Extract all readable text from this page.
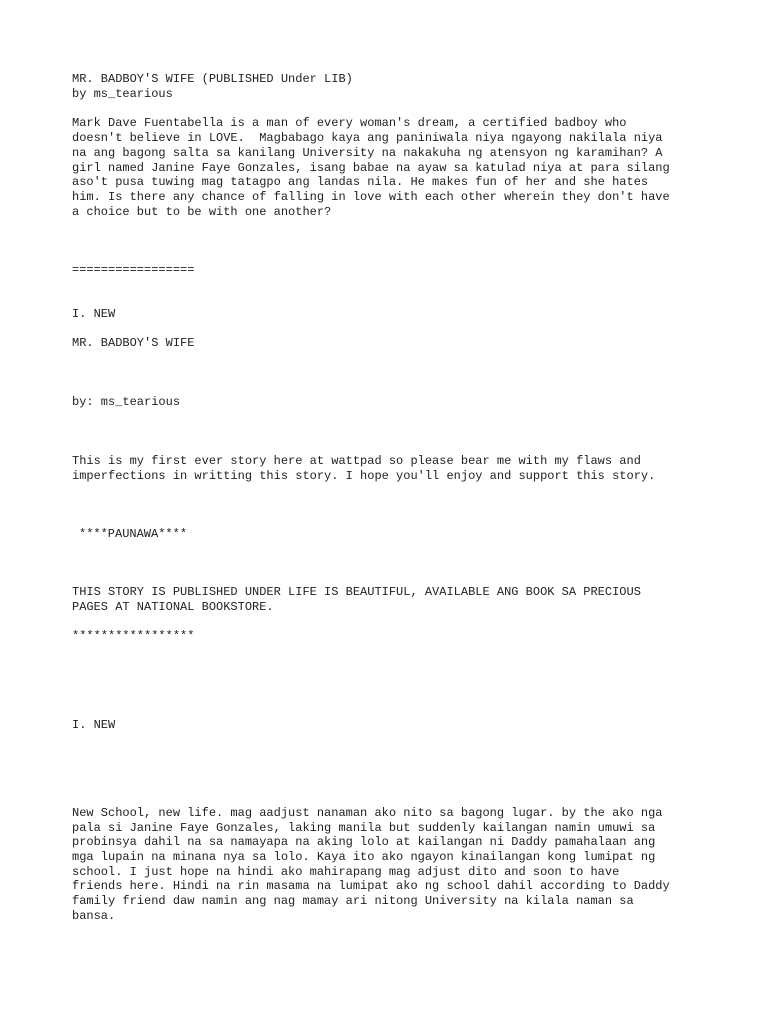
MR. BADBOY'S WIFE (PUBLISHED Under LIB)

by ms_tearious

Mark Dave Fuentabella is a man of every woman's dream, a certified badboy who

doesn't believe in LOVE.  Magbabago kaya ang paniniwala niya ngayong nakilala niya

na ang bagong salta sa kanilang University na nakakuha ng atensyon ng karamihan? A

girl named Janine Faye Gonzales, isang babae na ayaw sa katulad niya at para silang

aso't pusa tuwing mag tatagpo ang landas nila. He makes fun of her and she hates

him. Is there any chance of falling in love with each other wherein they don't have

a choice but to be with one another?

=================

I. NEW

MR. BADBOY'S WIFE

by: ms_tearious

This is my first ever story here at wattpad so please bear me with my flaws and

imperfections in writting this story. I hope you'll enjoy and support this story.

****PAUNAWA****

THIS STORY IS PUBLISHED UNDER LIFE IS BEAUTIFUL, AVAILABLE ANG BOOK SA PRECIOUS

PAGES AT NATIONAL BOOKSTORE.

*****************

I. NEW

New School, new life. mag aadjust nanaman ako nito sa bagong lugar. by the ako nga

pala si Janine Faye Gonzales, laking manila but suddenly kailangan namin umuwi sa

probinsya dahil na sa namayapa na aking lolo at kailangan ni Daddy pamahalaan ang

mga lupain na minana nya sa lolo. Kaya ito ako ngayon kinailangan kong lumipat ng

school. I just hope na hindi ako mahirapang mag adjust dito and soon to have

friends here. Hindi na rin masama na lumipat ako ng school dahil according to Daddy

family friend daw namin ang nag mamay ari nitong University na kilala naman sa

bansa.
